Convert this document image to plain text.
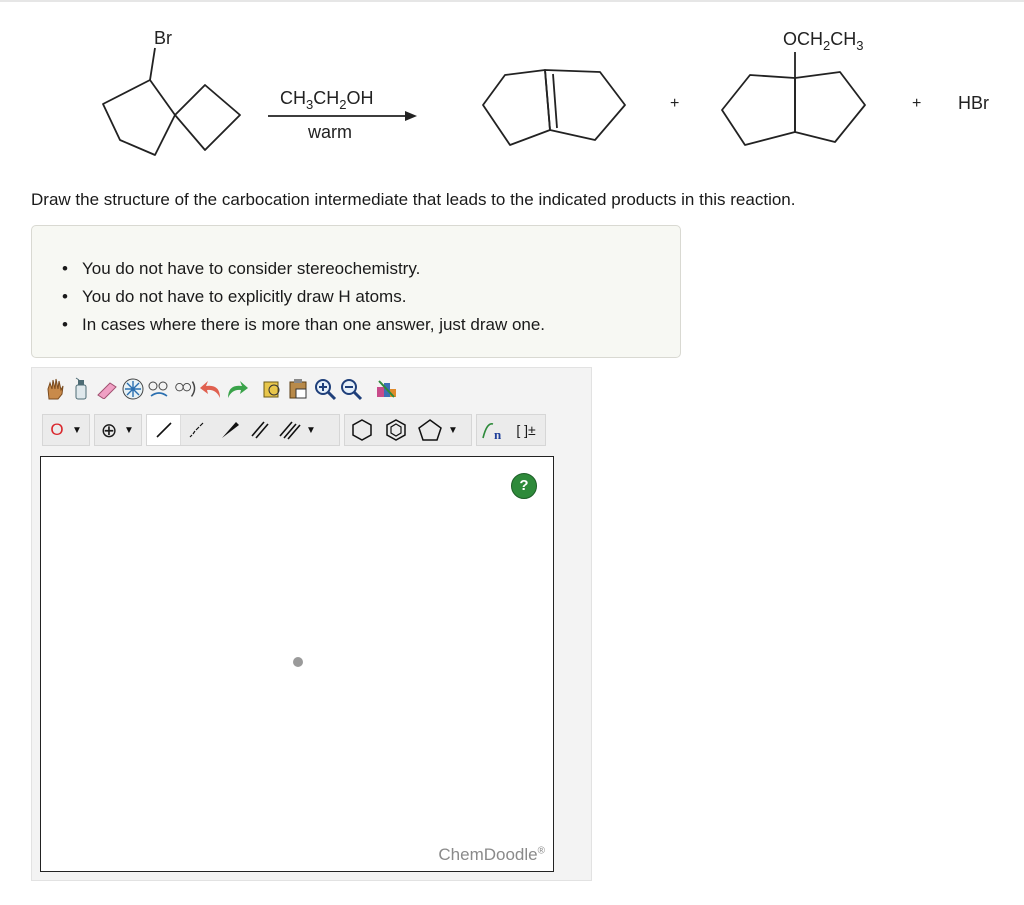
Br
$CH_3CH_2OH$
warm
+
$OCH_2CH_3$
+ HBr
Draw the structure of the carbocation intermediate that leads to the indicated products in this reaction.
• You do not have to consider stereochemistry.
• You do not have to explicitly draw H atoms.
• In cases where there is more than one answer, just draw one.
O ▼ ⊕ ▼	▼	▼	n [ ]±
?
ChemDoodle®
